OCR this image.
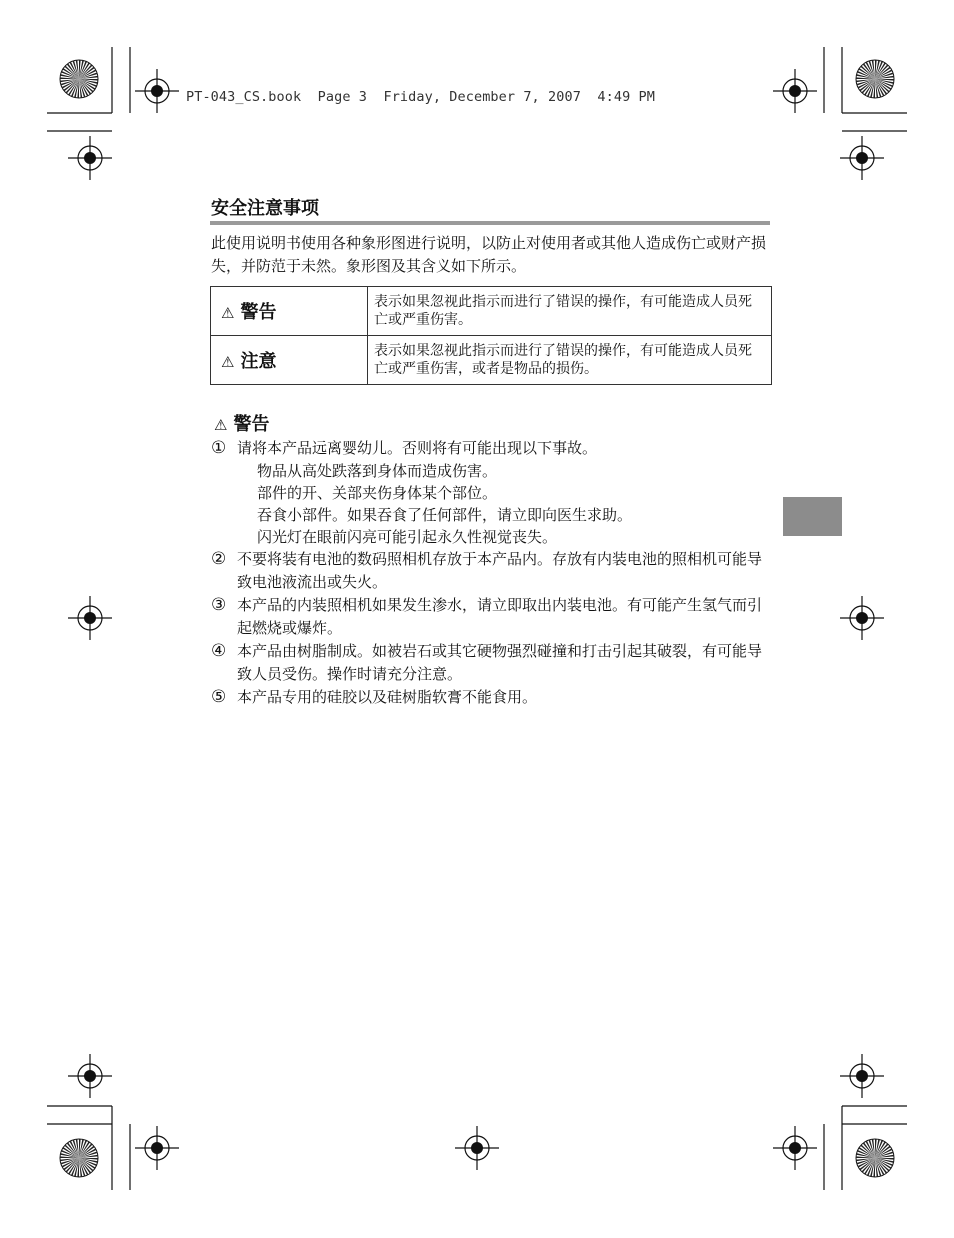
PT-043_CS.book  Page 3  Friday, December 7, 2007  4:49 PM
安全注意事项
此使用说明书使用各种象形图进行说明，以防止对使用者或其他人造成伤亡或财产损失，并防范于未然。象形图及其含义如下所示。
⚠ 警告	表示如果忽视此指示而进行了错误的操作，有可能造成人员死亡或严重伤害。
⚠ 注意	表示如果忽视此指示而进行了错误的操作，有可能造成人员死亡或严重伤害，或者是物品的损伤。
⚠ 警告
① 请将本产品远离婴幼儿。否则将有可能出现以下事故。
物品从高处跌落到身体而造成伤害。
部件的开、关部夹伤身体某个部位。
吞食小部件。如果吞食了任何部件，请立即向医生求助。
闪光灯在眼前闪亮可能引起永久性视觉丧失。
② 不要将装有电池的数码照相机存放于本产品内。存放有内装电池的照相机可能导致电池液流出或失火。
③ 本产品的内装照相机如果发生渗水，请立即取出内装电池。有可能产生氢气而引起燃烧或爆炸。
④ 本产品由树脂制成。如被岩石或其它硬物强烈碰撞和打击引起其破裂，有可能导致人员受伤。操作时请充分注意。
⑤ 本产品专用的硅胶以及硅树脂软膏不能食用。
